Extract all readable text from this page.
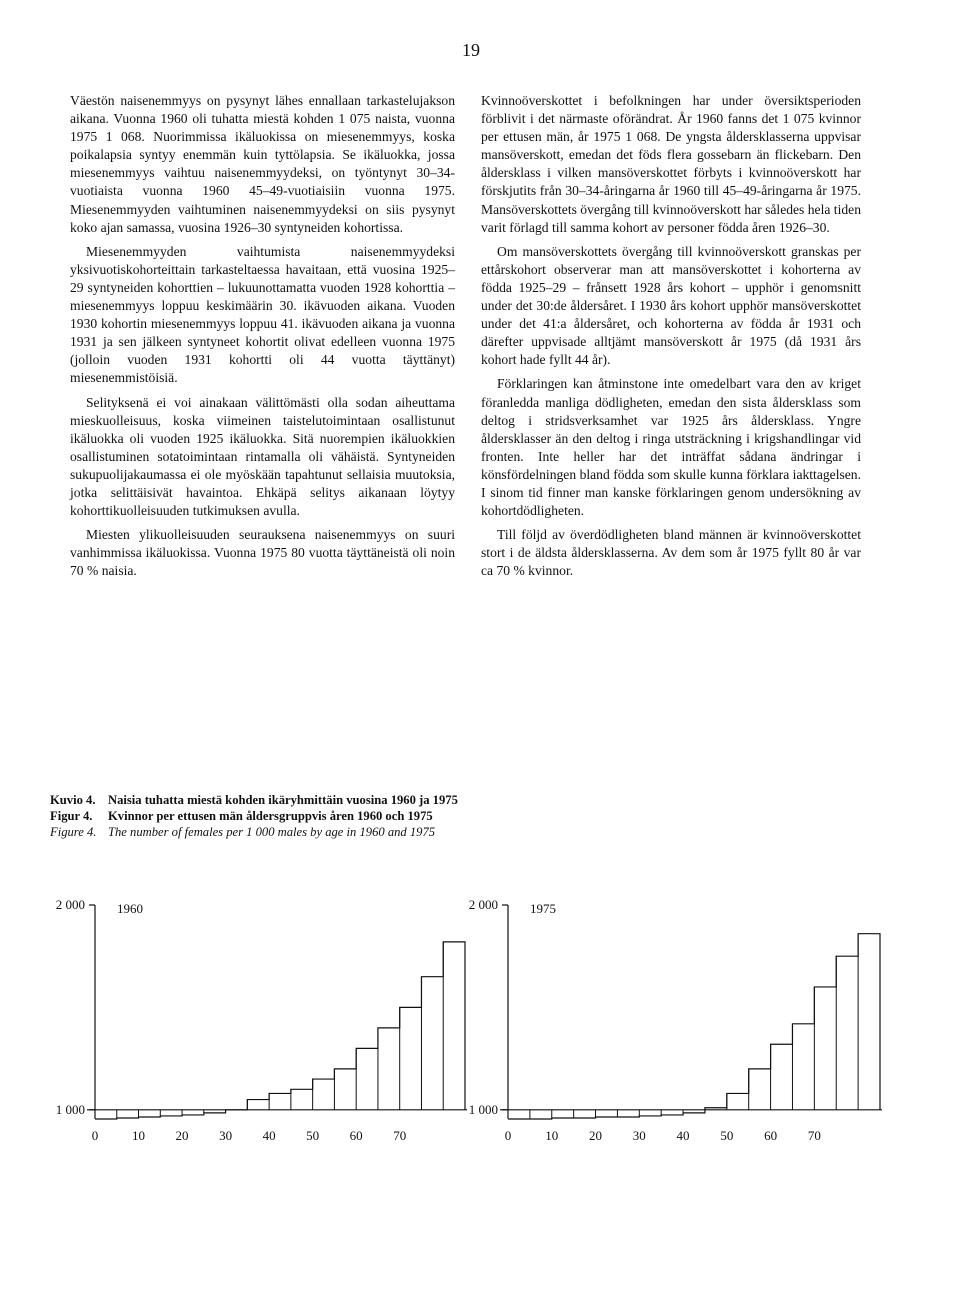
19

Väestön naisenemmyys on pysynyt lähes ennallaan tarkastelujakson aikana. Vuonna 1960 oli tuhatta miestä kohden 1 075 naista, vuonna 1975 1 068. Nuorimmissa ikäluokissa on miesenemmyys, koska poikalapsia syntyy enemmän kuin tyttölapsia. Se ikäluokka, jossa miesenemmyys vaihtuu naisenemmyydeksi, on työntynyt 30–34-vuotiaista vuonna 1960 45–49-vuotiaisiin vuonna 1975. Miesenemmyyden vaihtuminen naisenemmyydeksi on siis pysynyt koko ajan samassa, vuosina 1926–30 syntyneiden kohortissa.

Miesenemmyyden vaihtumista naisenemmyydeksi yksivuotiskohorteittain tarkasteltaessa havaitaan, että vuosina 1925–29 syntyneiden kohorttien – lukuunottamatta vuoden 1928 kohorttia – miesenemmyys loppuu keskimäärin 30. ikävuoden aikana. Vuoden 1930 kohortin miesenemmyys loppuu 41. ikävuoden aikana ja vuonna 1931 ja sen jälkeen syntyneet kohortit olivat edelleen vuonna 1975 (jolloin vuoden 1931 kohortti oli 44 vuotta täyttänyt) miesenemmistöisiä.

Selityksenä ei voi ainakaan välittömästi olla sodan aiheuttama mieskuolleisuus, koska viimeinen taistelutoimintaan osallistunut ikäluokka oli vuoden 1925 ikäluokka. Sitä nuorempien ikäluokkien osallistuminen sotatoimintaan rintamalla oli vähäistä. Syntyneiden sukupuolijakaumassa ei ole myöskään tapahtunut sellaisia muutoksia, jotka selittäisivät havaintoa. Ehkäpä selitys aikanaan löytyy kohorttikuolleisuuden tutkimuksen avulla.

Miesten ylikuolleisuuden seurauksena naisenemmyys on suuri vanhimmissa ikäluokissa. Vuonna 1975 80 vuotta täyttäneistä oli noin 70 % naisia.

Kvinnoöverskottet i befolkningen har under översiktsperioden förblivit i det närmaste oförändrat. År 1960 fanns det 1 075 kvinnor per ettusen män, år 1975 1 068. De yngsta åldersklasserna uppvisar mansöverskott, emedan det föds flera gossebarn än flickebarn. Den åldersklass i vilken mansöverskottet förbyts i kvinnoöverskott har förskjutits från 30–34-åringarna år 1960 till 45–49-åringarna år 1975. Mansöverskottets övergång till kvinnoöverskott har således hela tiden varit förlagd till samma kohort av personer födda åren 1926–30.

Om mansöverskottets övergång till kvinnoöverskott granskas per ettårskohort observerar man att mansöverskottet i kohorterna av födda 1925–29 – frånsett 1928 års kohort – upphör i genomsnitt under det 30:de åldersåret. I 1930 års kohort upphör mansöverskottet under det 41:a åldersåret, och kohorterna av födda år 1931 och därefter uppvisade alltjämt mansöverskott år 1975 (då 1931 års kohort hade fyllt 44 år).

Förklaringen kan åtminstone inte omedelbart vara den av kriget föranledda manliga dödligheten, emedan den sista åldersklass som deltog i stridsverksamhet var 1925 års åldersklass. Yngre åldersklasser än den deltog i ringa utsträckning i krigshandlingar vid fronten. Inte heller har det inträffat sådana ändringar i könsfördelningen bland födda som skulle kunna förklara iakttagelsen. I sinom tid finner man kanske förklaringen genom undersökning av kohortdödligheten.

Till följd av överdödligheten bland männen är kvinnoöverskottet stort i de äldsta åldersklasserna. Av dem som år 1975 fyllt 80 år var ca 70 % kvinnor.

Kuvio 4. Naisia tuhatta miestä kohden ikäryhmittäin vuosina 1960 ja 1975
Figur 4.	Kvinnor per ettusen män åldersgruppvis åren 1960 och 1975
Figure 4. The number of females per 1 000 males by age in 1960 and 1975
1 000
2 000 1960
0	10 20 30 40 50 60 70
1 000
2 000 1975
0	10 20 30 40 50 60 70
